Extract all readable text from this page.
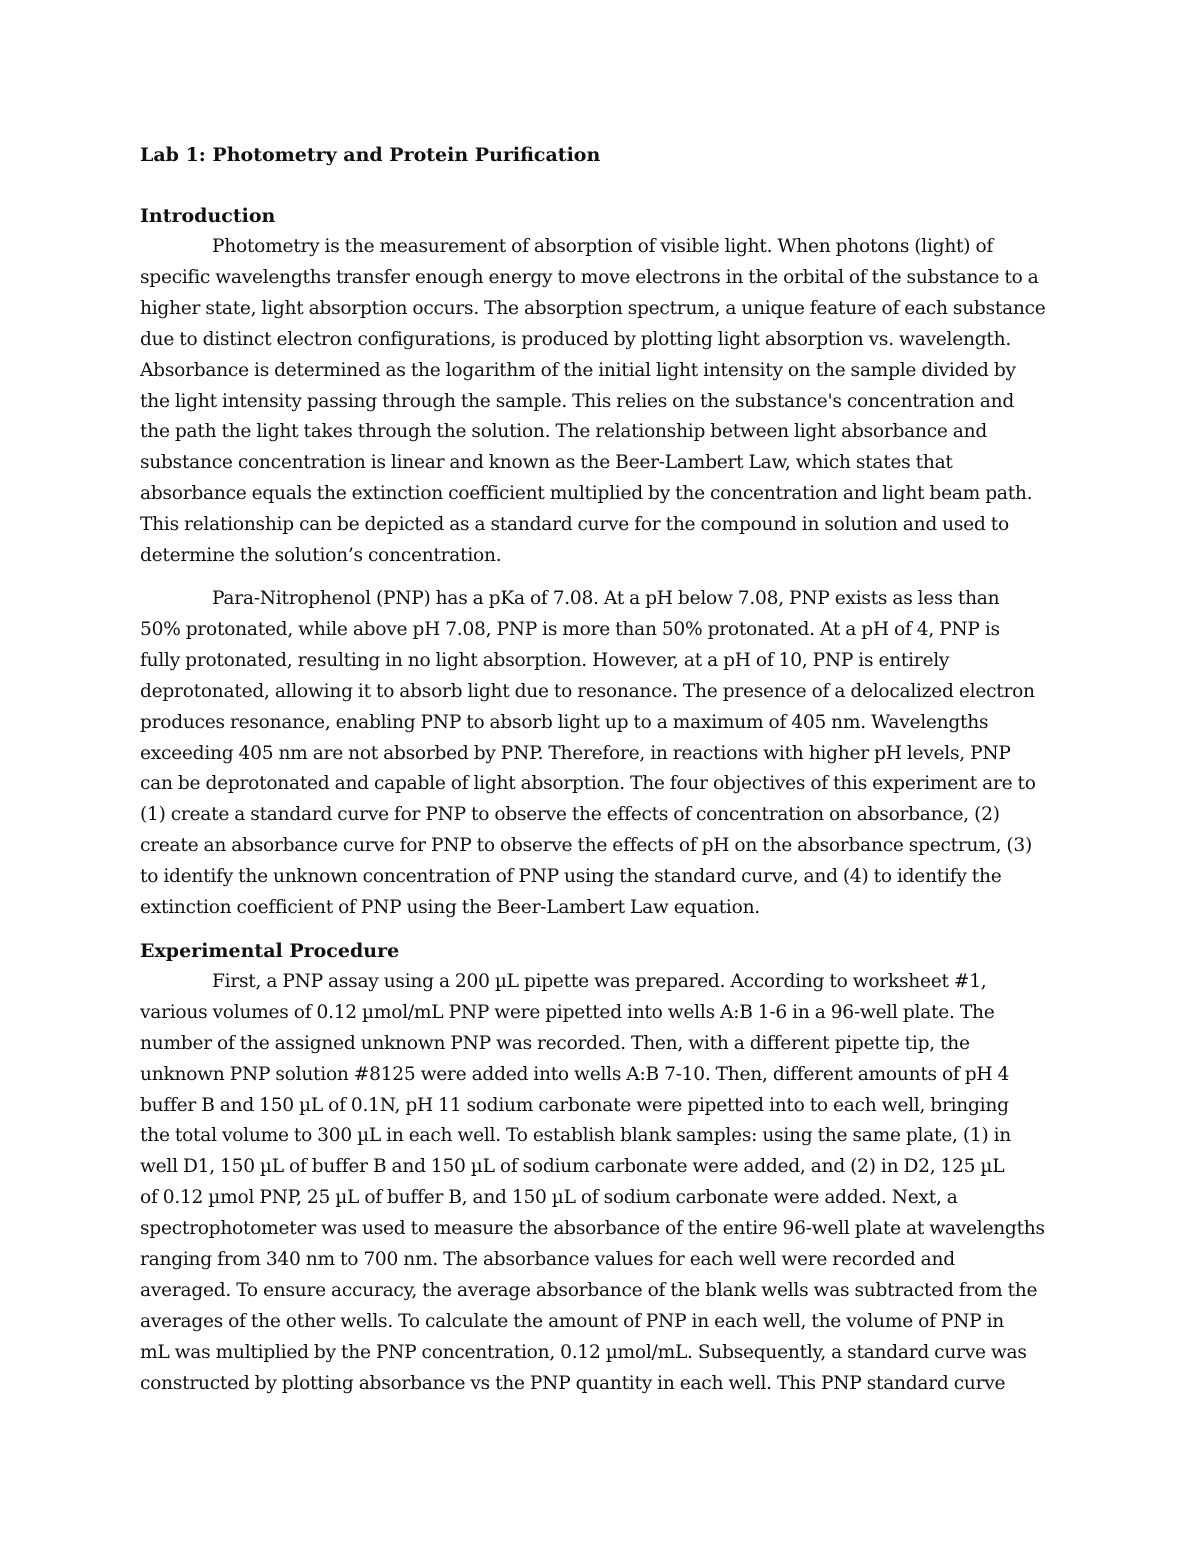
Lab 1: Photometry and Protein Purification
Introduction
Photometry is the measurement of absorption of visible light. When photons (light) of
specific wavelengths transfer enough energy to move electrons in the orbital of the substance to a
higher state, light absorption occurs. The absorption spectrum, a unique feature of each substance
due to distinct electron configurations, is produced by plotting light absorption vs. wavelength.
Absorbance is determined as the logarithm of the initial light intensity on the sample divided by
the light intensity passing through the sample. This relies on the substance's concentration and
the path the light takes through the solution. The relationship between light absorbance and
substance concentration is linear and known as the Beer-Lambert Law, which states that
absorbance equals the extinction coefficient multiplied by the concentration and light beam path.
This relationship can be depicted as a standard curve for the compound in solution and used to
determine the solution’s concentration.
Para-Nitrophenol (PNP) has a pKa of 7.08. At a pH below 7.08, PNP exists as less than
50% protonated, while above pH 7.08, PNP is more than 50% protonated. At a pH of 4, PNP is
fully protonated, resulting in no light absorption. However, at a pH of 10, PNP is entirely
deprotonated, allowing it to absorb light due to resonance. The presence of a delocalized electron
produces resonance, enabling PNP to absorb light up to a maximum of 405 nm. Wavelengths
exceeding 405 nm are not absorbed by PNP. Therefore, in reactions with higher pH levels, PNP
can be deprotonated and capable of light absorption. The four objectives of this experiment are to
(1) create a standard curve for PNP to observe the effects of concentration on absorbance, (2)
create an absorbance curve for PNP to observe the effects of pH on the absorbance spectrum, (3)
to identify the unknown concentration of PNP using the standard curve, and (4) to identify the
extinction coefficient of PNP using the Beer-Lambert Law equation.
Experimental Procedure
First, a PNP assay using a 200 µL pipette was prepared. According to worksheet #1,
various volumes of 0.12 µmol/mL PNP were pipetted into wells A:B 1-6 in a 96-well plate. The
number of the assigned unknown PNP was recorded. Then, with a different pipette tip, the
unknown PNP solution #8125 were added into wells A:B 7-10. Then, different amounts of pH 4
buffer B and 150 µL of 0.1N, pH 11 sodium carbonate were pipetted into to each well, bringing
the total volume to 300 µL in each well. To establish blank samples: using the same plate, (1) in
well D1, 150 µL of buffer B and 150 µL of sodium carbonate were added, and (2) in D2, 125 µL
of 0.12 µmol PNP, 25 µL of buffer B, and 150 µL of sodium carbonate were added. Next, a
spectrophotometer was used to measure the absorbance of the entire 96-well plate at wavelengths
ranging from 340 nm to 700 nm. The absorbance values for each well were recorded and
averaged. To ensure accuracy, the average absorbance of the blank wells was subtracted from the
averages of the other wells. To calculate the amount of PNP in each well, the volume of PNP in
mL was multiplied by the PNP concentration, 0.12 µmol/mL. Subsequently, a standard curve was
constructed by plotting absorbance vs the PNP quantity in each well. This PNP standard curve
